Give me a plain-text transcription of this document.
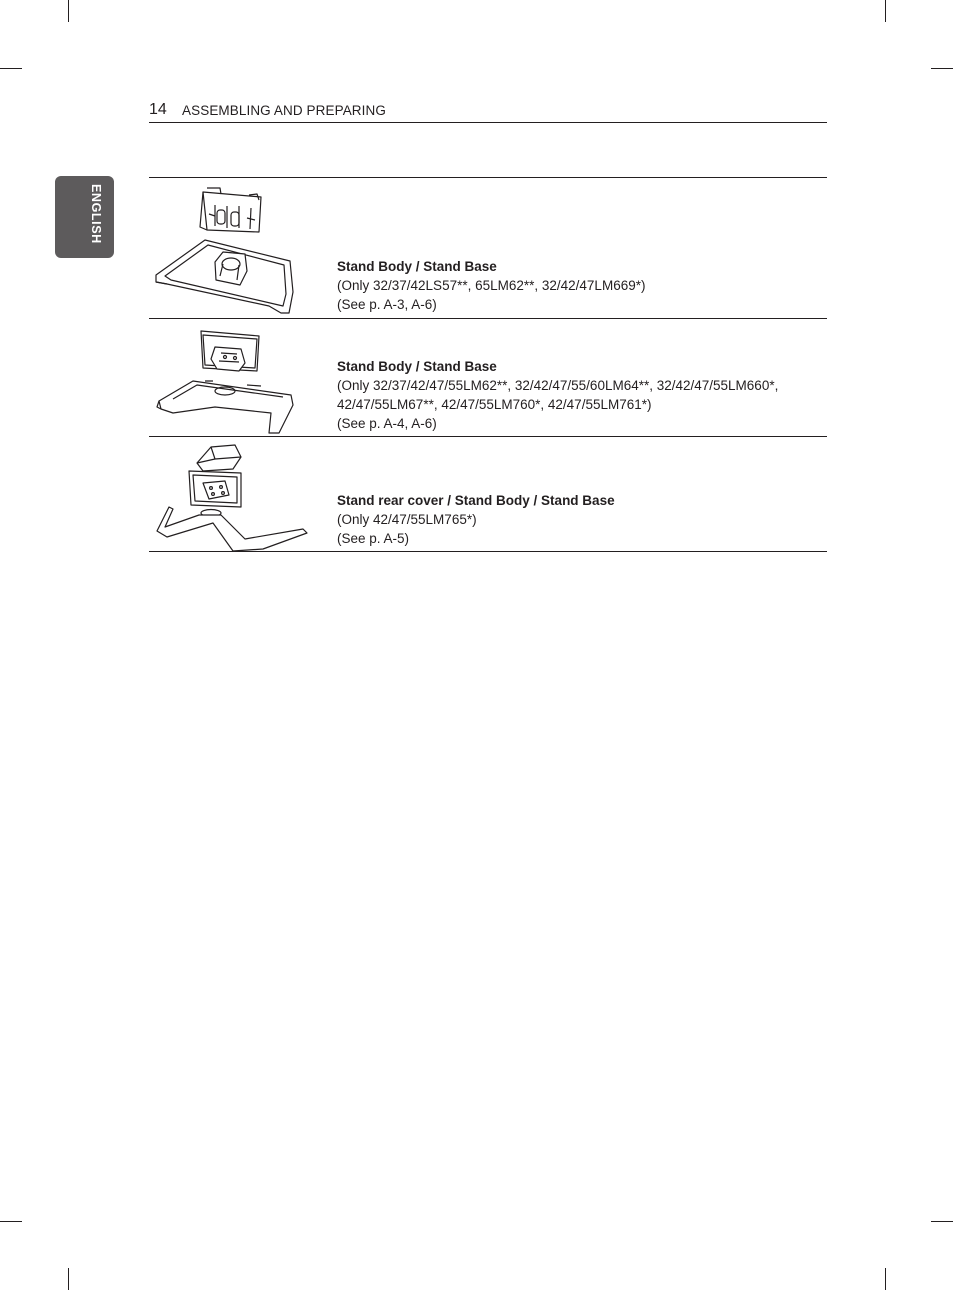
14 ASSEMBLING AND PREPARING
ENGLISH
Stand Body / Stand Base
(Only 32/37/42LS57**, 65LM62**, 32/42/47LM669*)
(See p. A-3, A-6)
Stand Body / Stand Base
(Only 32/37/42/47/55LM62**, 32/42/47/55/60LM64**, 32/42/47/55LM660*,
42/47/55LM67**, 42/47/55LM760*, 42/47/55LM761*)
(See p. A-4, A-6)
Stand rear cover / Stand Body / Stand Base
(Only 42/47/55LM765*)
(See p. A-5)
